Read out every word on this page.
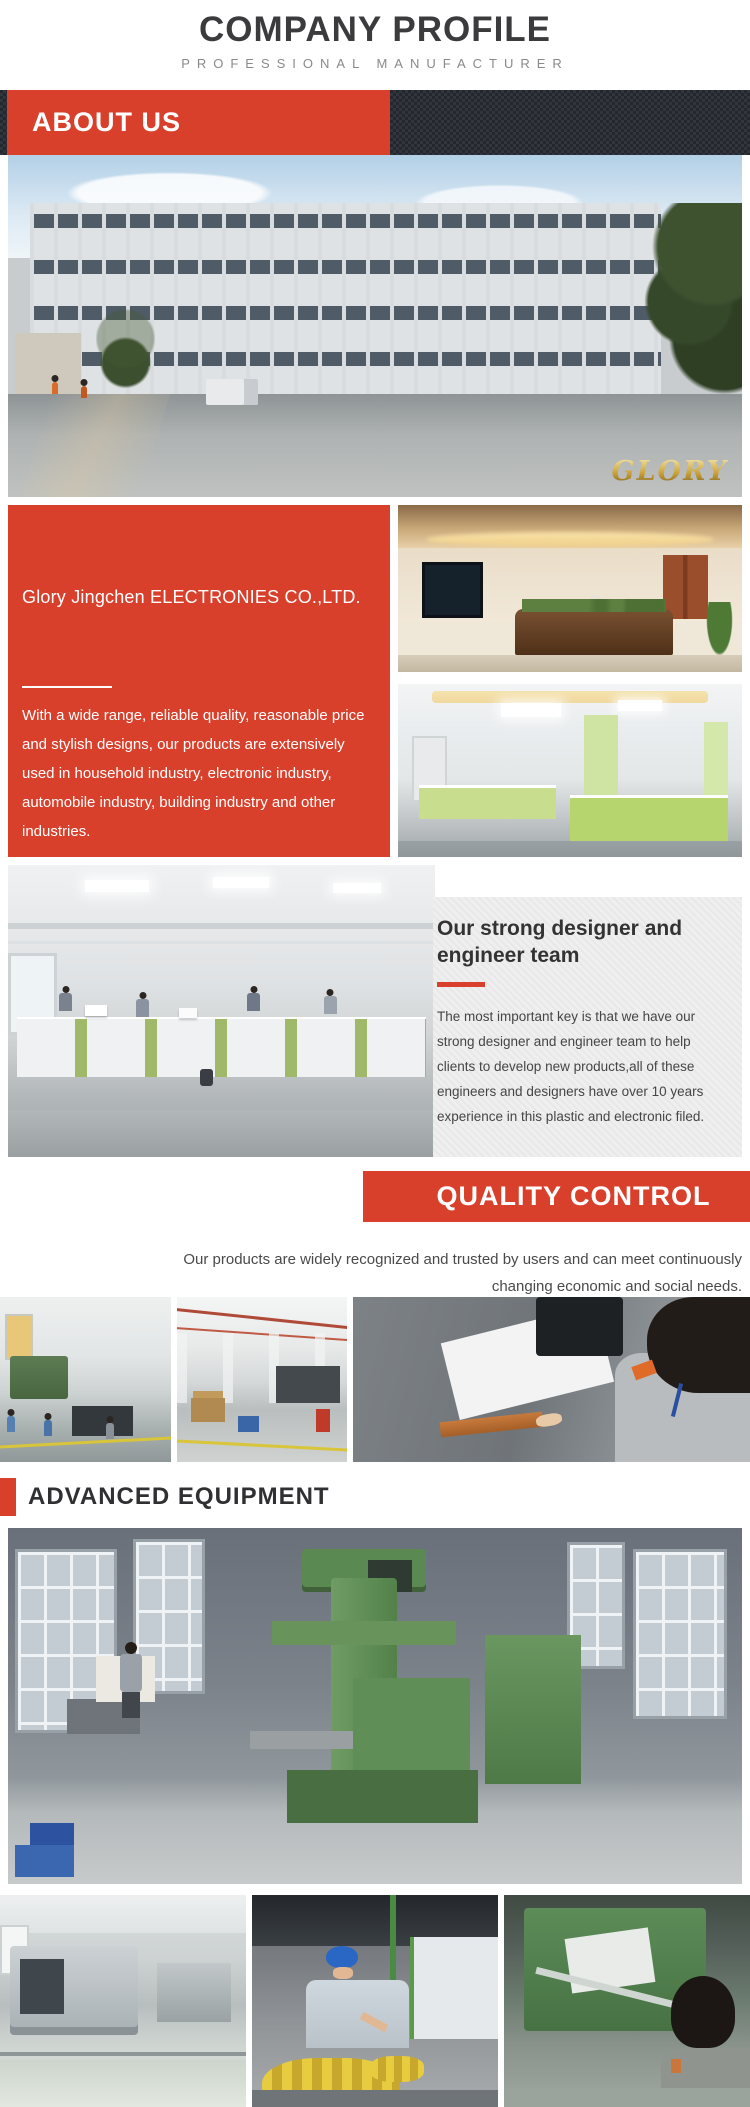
COMPANY PROFILE
PROFESSIONAL MANUFACTURER
ABOUT US
GLORY
Glory Jingchen ELECTRONIES CO.,LTD.

With a wide range, reliable quality, reasonable price and stylish designs, our products are extensively used in household industry, electronic industry, automobile industry, building industry and other industries.

Our strong designer and engineer team

The most important key is that we have our strong designer and engineer team to help clients to develop new products,all of these engineers and designers have over 10 years experience in this plastic and electronic filed.

QUALITY CONTROL

Our products are widely recognized and trusted by users and can meet continuously changing economic and social needs.

ADVANCED EQUIPMENT
